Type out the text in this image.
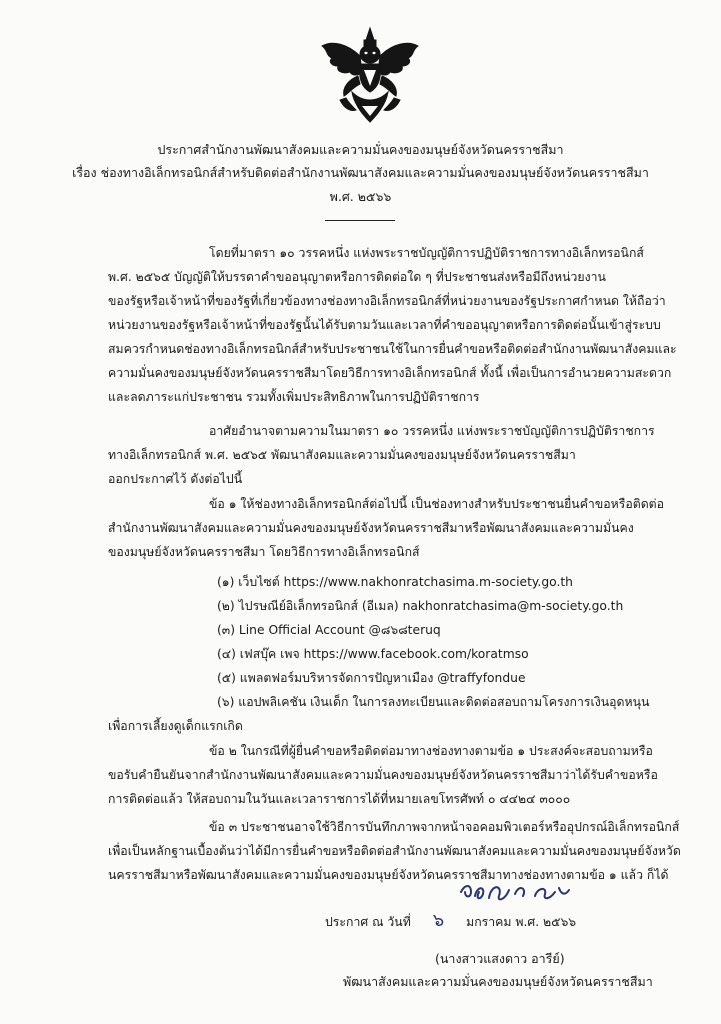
ประกาศสำนักงานพัฒนาสังคมและความมั่นคงของมนุษย์จังหวัดนครราชสีมา
เรื่อง ช่องทางอิเล็กทรอนิกส์สำหรับติดต่อสำนักงานพัฒนาสังคมและความมั่นคงของมนุษย์จังหวัดนครราชสีมา
พ.ศ. ๒๕๖๖
โดยที่มาตรา ๑๐ วรรคหนึ่ง แห่งพระราชบัญญัติการปฏิบัติราชการทางอิเล็กทรอนิกส์
พ.ศ. ๒๕๖๕ บัญญัติให้บรรดาคำขออนุญาตหรือการติดต่อใด ๆ ที่ประชาชนส่งหรือมีถึงหน่วยงาน
ของรัฐหรือเจ้าหน้าที่ของรัฐที่เกี่ยวข้องทางช่องทางอิเล็กทรอนิกส์ที่หน่วยงานของรัฐประกาศกำหนด ให้ถือว่า
หน่วยงานของรัฐหรือเจ้าหน้าที่ของรัฐนั้นได้รับตามวันและเวลาที่คำขออนุญาตหรือการติดต่อนั้นเข้าสู่ระบบ
สมควรกำหนดช่องทางอิเล็กทรอนิกส์สำหรับประชาชนใช้ในการยื่นคำขอหรือติดต่อสำนักงานพัฒนาสังคมและ
ความมั่นคงของมนุษย์จังหวัดนครราชสีมาโดยวิธีการทางอิเล็กทรอนิกส์ ทั้งนี้ เพื่อเป็นการอำนวยความสะดวก
และลดภาระแก่ประชาชน รวมทั้งเพิ่มประสิทธิภาพในการปฏิบัติราชการ
อาศัยอำนาจตามความในมาตรา ๑๐ วรรคหนึ่ง แห่งพระราชบัญญัติการปฏิบัติราชการ
ทางอิเล็กทรอนิกส์ พ.ศ. ๒๕๖๕ พัฒนาสังคมและความมั่นคงของมนุษย์จังหวัดนครราชสีมา
ออกประกาศไว้ ดังต่อไปนี้
ข้อ ๑ ให้ช่องทางอิเล็กทรอนิกส์ต่อไปนี้ เป็นช่องทางสำหรับประชาชนยื่นคำขอหรือติดต่อ
สำนักงานพัฒนาสังคมและความมั่นคงของมนุษย์จังหวัดนครราชสีมาหรือพัฒนาสังคมและความมั่นคง
ของมนุษย์จังหวัดนครราชสีมา โดยวิธีการทางอิเล็กทรอนิกส์
(๑) เว็บไซต์ https://www.nakhonratchasima.m-society.go.th
(๒) ไปรษณีย์อิเล็กทรอนิกส์ (อีเมล) nakhonratchasima@m-society.go.th
(๓) Line Official Account @๘๖๘teruq
(๔) เฟสบุ๊ค เพจ https://www.facebook.com/koratmso
(๕) แพลตฟอร์มบริหารจัดการปัญหาเมือง @traffyfondue
(๖) แอปพลิเคชัน เงินเด็ก ในการลงทะเบียนและติดต่อสอบถามโครงการเงินอุดหนุน
เพื่อการเลี้ยงดูเด็กแรกเกิด
ข้อ ๒ ในกรณีที่ผู้ยื่นคำขอหรือติดต่อมาทางช่องทางตามข้อ ๑ ประสงค์จะสอบถามหรือ
ขอรับคำยืนยันจากสำนักงานพัฒนาสังคมและความมั่นคงของมนุษย์จังหวัดนครราชสีมาว่าได้รับคำขอหรือ
การติดต่อแล้ว ให้สอบถามในวันและเวลาราชการได้ที่หมายเลขโทรศัพท์ ๐ ๔๔๒๔ ๓๐๐๐
ข้อ ๓ ประชาชนอาจใช้วิธีการบันทึกภาพจากหน้าจอคอมพิวเตอร์หรืออุปกรณ์อิเล็กทรอนิกส์
เพื่อเป็นหลักฐานเบื้องต้นว่าได้มีการยื่นคำขอหรือติดต่อสำนักงานพัฒนาสังคมและความมั่นคงของมนุษย์จังหวัด
นครราชสีมาหรือพัฒนาสังคมและความมั่นคงของมนุษย์จังหวัดนครราชสีมาทางช่องทางตามข้อ ๑ แล้ว ก็ได้
ประกาศ ณ วันที่ ๖ มกราคม พ.ศ. ๒๕๖๖
(นางสาวแสงดาว อารีย์)
พัฒนาสังคมและความมั่นคงของมนุษย์จังหวัดนครราชสีมา
